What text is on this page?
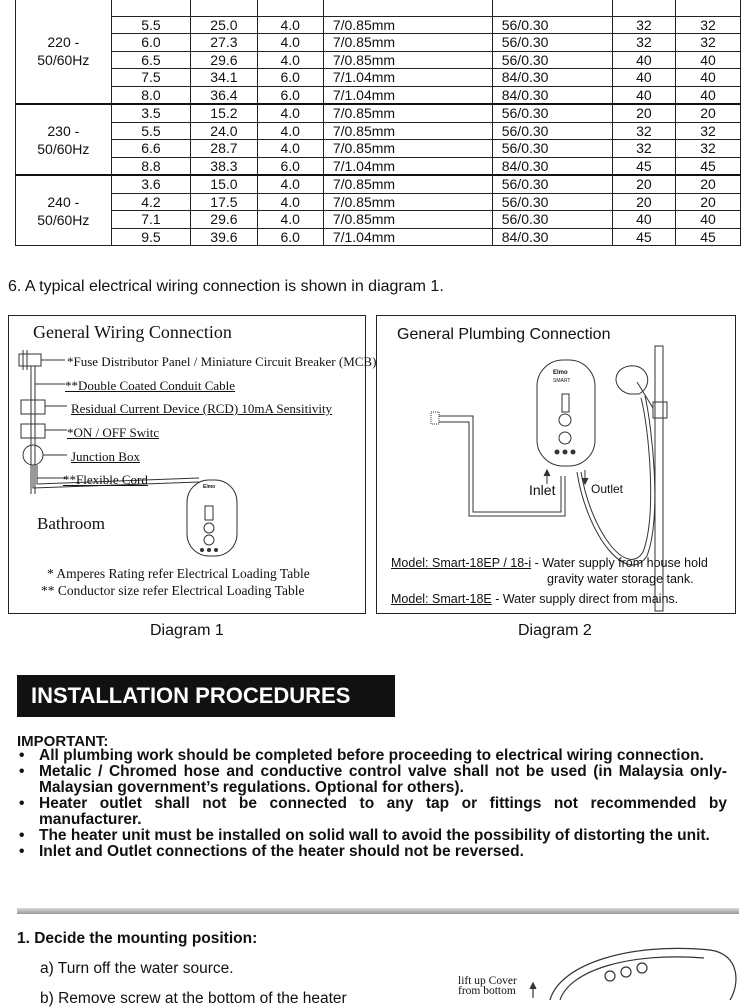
220 -
50/60Hz							
	5.5	25.0	4.0	7/0.85mm	56/0.30	32	32
	6.0	27.3	4.0	7/0.85mm	56/0.30	32	32
	6.5	29.6	4.0	7/0.85mm	56/0.30	40	40
	7.5	34.1	6.0	7/1.04mm	84/0.30	40	40
	8.0	36.4	6.0	7/1.04mm	84/0.30	40	40
230 -
50/60Hz	3.5	15.2	4.0	7/0.85mm	56/0.30	20	20
	5.5	24.0	4.0	7/0.85mm	56/0.30	32	32
	6.6	28.7	4.0	7/0.85mm	56/0.30	32	32
	8.8	38.3	6.0	7/1.04mm	84/0.30	45	45
240 -
50/60Hz	3.6	15.0	4.0	7/0.85mm	56/0.30	20	20
	4.2	17.5	4.0	7/0.85mm	56/0.30	20	20
	7.1	29.6	4.0	7/0.85mm	56/0.30	40	40
	9.5	39.6	6.0	7/1.04mm	84/0.30	45	45
6. A typical electrical wiring connection is shown in diagram 1.
General Wiring Connection
Elmo
*Fuse Distributor Panel / Miniature Circuit Breaker (MCB)
**Double Coated Conduit Cable
Residual Current Device (RCD) 10mA Sensitivity
*ON / OFF Switc
Junction Box
**Flexible Cord
Bathroom
* Amperes Rating refer Electrical Loading Table
** Conductor size refer Electrical Loading Table
Diagram 1
General Plumbing Connection
Elmo
SMART
Inlet	Outlet
Model: Smart-18EP / 18-i - Water supply from house hold
gravity water storage tank.
Model: Smart-18E - Water supply direct from mains.
Diagram 2
INSTALLATION PROCEDURES
IMPORTANT:
• All plumbing work should be completed before proceeding to electrical wiring connection.
• Metalic / Chromed hose and conductive control valve shall not be used (in Malaysia only- Malaysian government’s regulations. Optional for others).
• Heater outlet shall not be connected to any tap or fittings not recommended by manufacturer.
• The heater unit must be installed on solid wall to avoid the possibility of distorting the unit.
• Inlet and Outlet connections of the heater should not be reversed.
1. Decide the mounting position:
a) Turn off the water source.
b) Remove screw at the bottom of the heater
lift up Cover
from bottom
